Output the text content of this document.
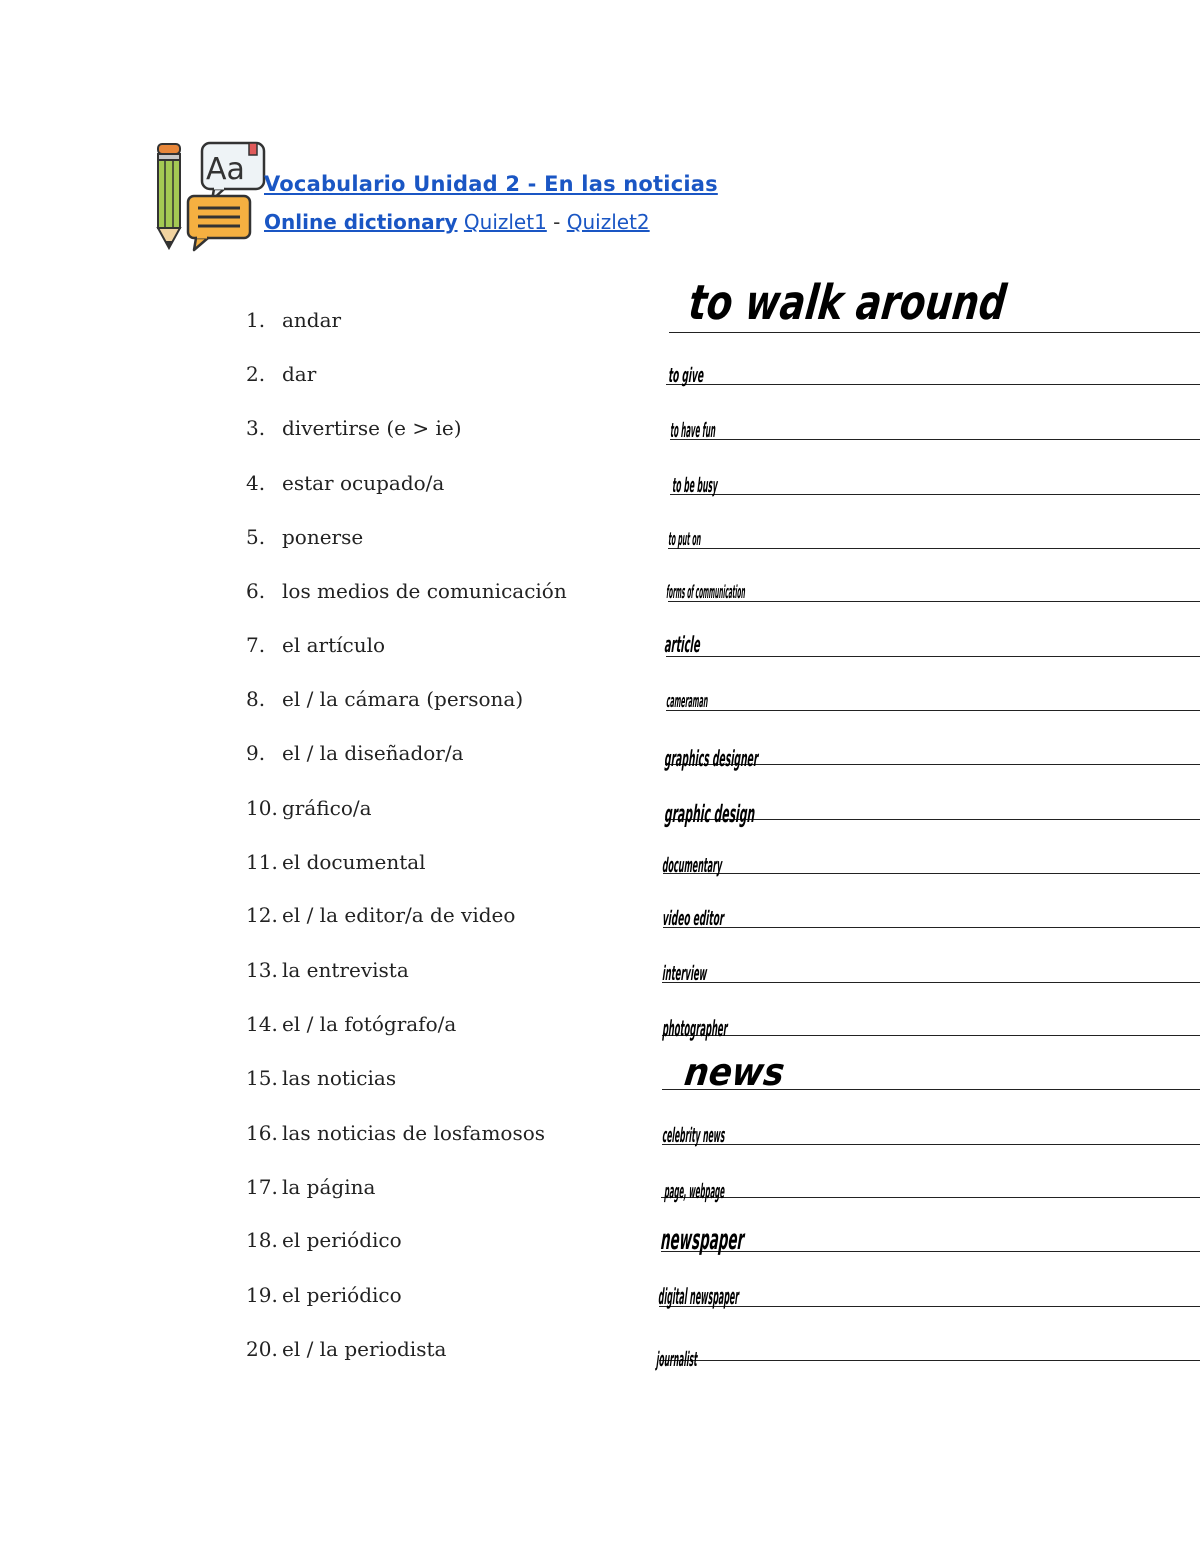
Aa Vocabulario Unidad 2 - En las noticias
Online dictionary Quizlet1 - Quizlet2
1. andar	to walk around
2. dar	to give
3. divertirse (e > ie)	to have fun
4. estar ocupado/a	to be busy
5. ponerse	to put on
6. los medios de comunicación	forms of communication
7. el artículo	article
8. el / la cámara (persona)	cameraman
9. el / la diseñador/a	graphics designer
10. gráfico/a	graphic design
11. el documental	documentary
12. el / la editor/a de video	video editor
13. la entrevista	interview
14. el / la fotógrafo/a	photographer
15. las noticias	news
16. las noticias de losfamosos	celebrity news
17. la página	page, webpage
18. el periódico	newspaper
19. el periódico	digital newspaper
20. el / la periodista	journalist
